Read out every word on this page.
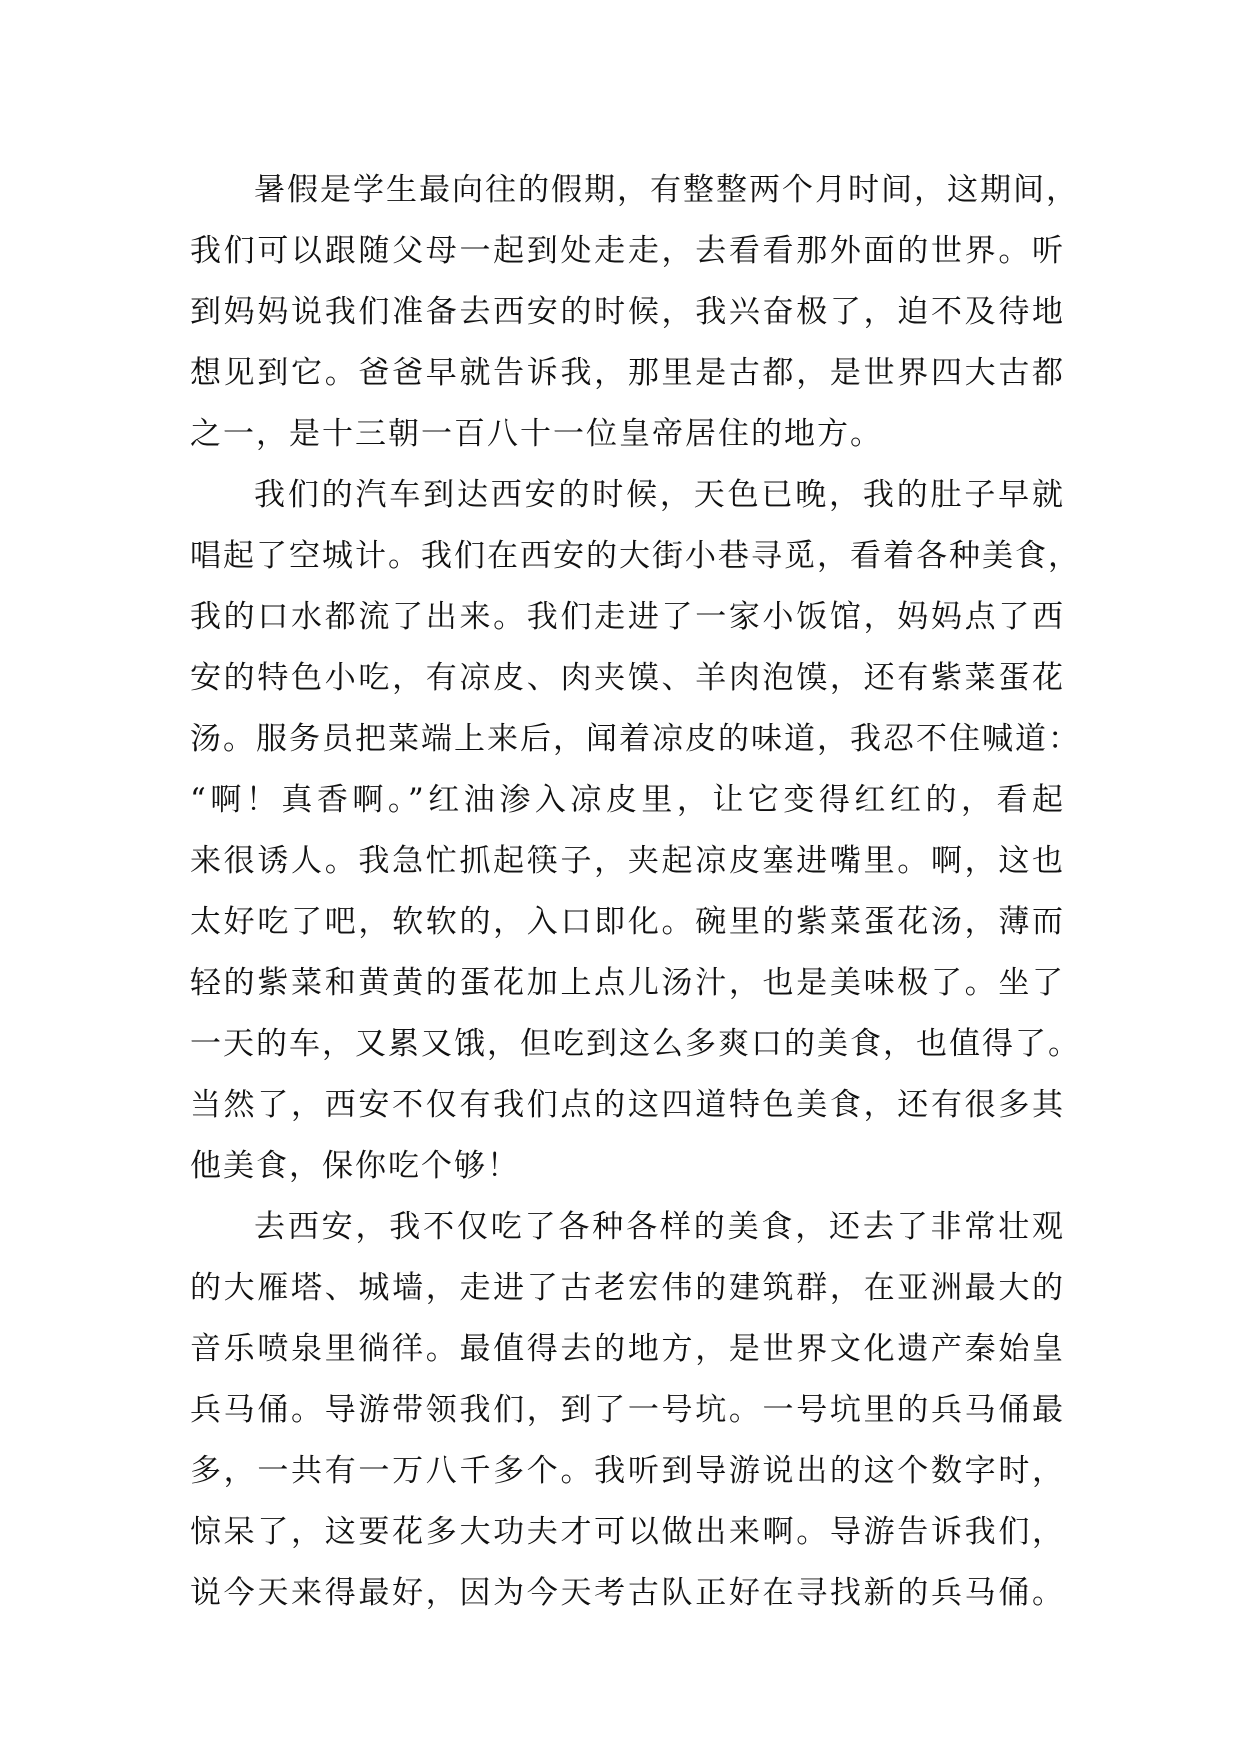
暑假是学生最向往的假期，有整整两个月时间，这期间，
我们可以跟随父母一起到处走走，去看看那外面的世界。听
到妈妈说我们准备去西安的时候，我兴奋极了，迫不及待地
想见到它。爸爸早就告诉我，那里是古都，是世界四大古都
之一，是十三朝一百八十一位皇帝居住的地方。
我们的汽车到达西安的时候，天色已晚，我的肚子早就
唱起了空城计。我们在西安的大街小巷寻觅，看着各种美食，
我的口水都流了出来。我们走进了一家小饭馆，妈妈点了西
安的特色小吃，有凉皮、肉夹馍、羊肉泡馍，还有紫菜蛋花
汤。服务员把菜端上来后，闻着凉皮的味道，我忍不住喊道：
“啊！真香啊。”红油渗入凉皮里，让它变得红红的，看起
来很诱人。我急忙抓起筷子，夹起凉皮塞进嘴里。啊，这也
太好吃了吧，软软的，入口即化。碗里的紫菜蛋花汤，薄而
轻的紫菜和黄黄的蛋花加上点儿汤汁，也是美味极了。坐了
一天的车，又累又饿，但吃到这么多爽口的美食，也值得了。
当然了，西安不仅有我们点的这四道特色美食，还有很多其
他美食，保你吃个够！
去西安，我不仅吃了各种各样的美食，还去了非常壮观
的大雁塔、城墙，走进了古老宏伟的建筑群，在亚洲最大的
音乐喷泉里徜徉。最值得去的地方，是世界文化遗产秦始皇
兵马俑。导游带领我们，到了一号坑。一号坑里的兵马俑最
多，一共有一万八千多个。我听到导游说出的这个数字时，
惊呆了，这要花多大功夫才可以做出来啊。导游告诉我们，
说今天来得最好，因为今天考古队正好在寻找新的兵马俑。
